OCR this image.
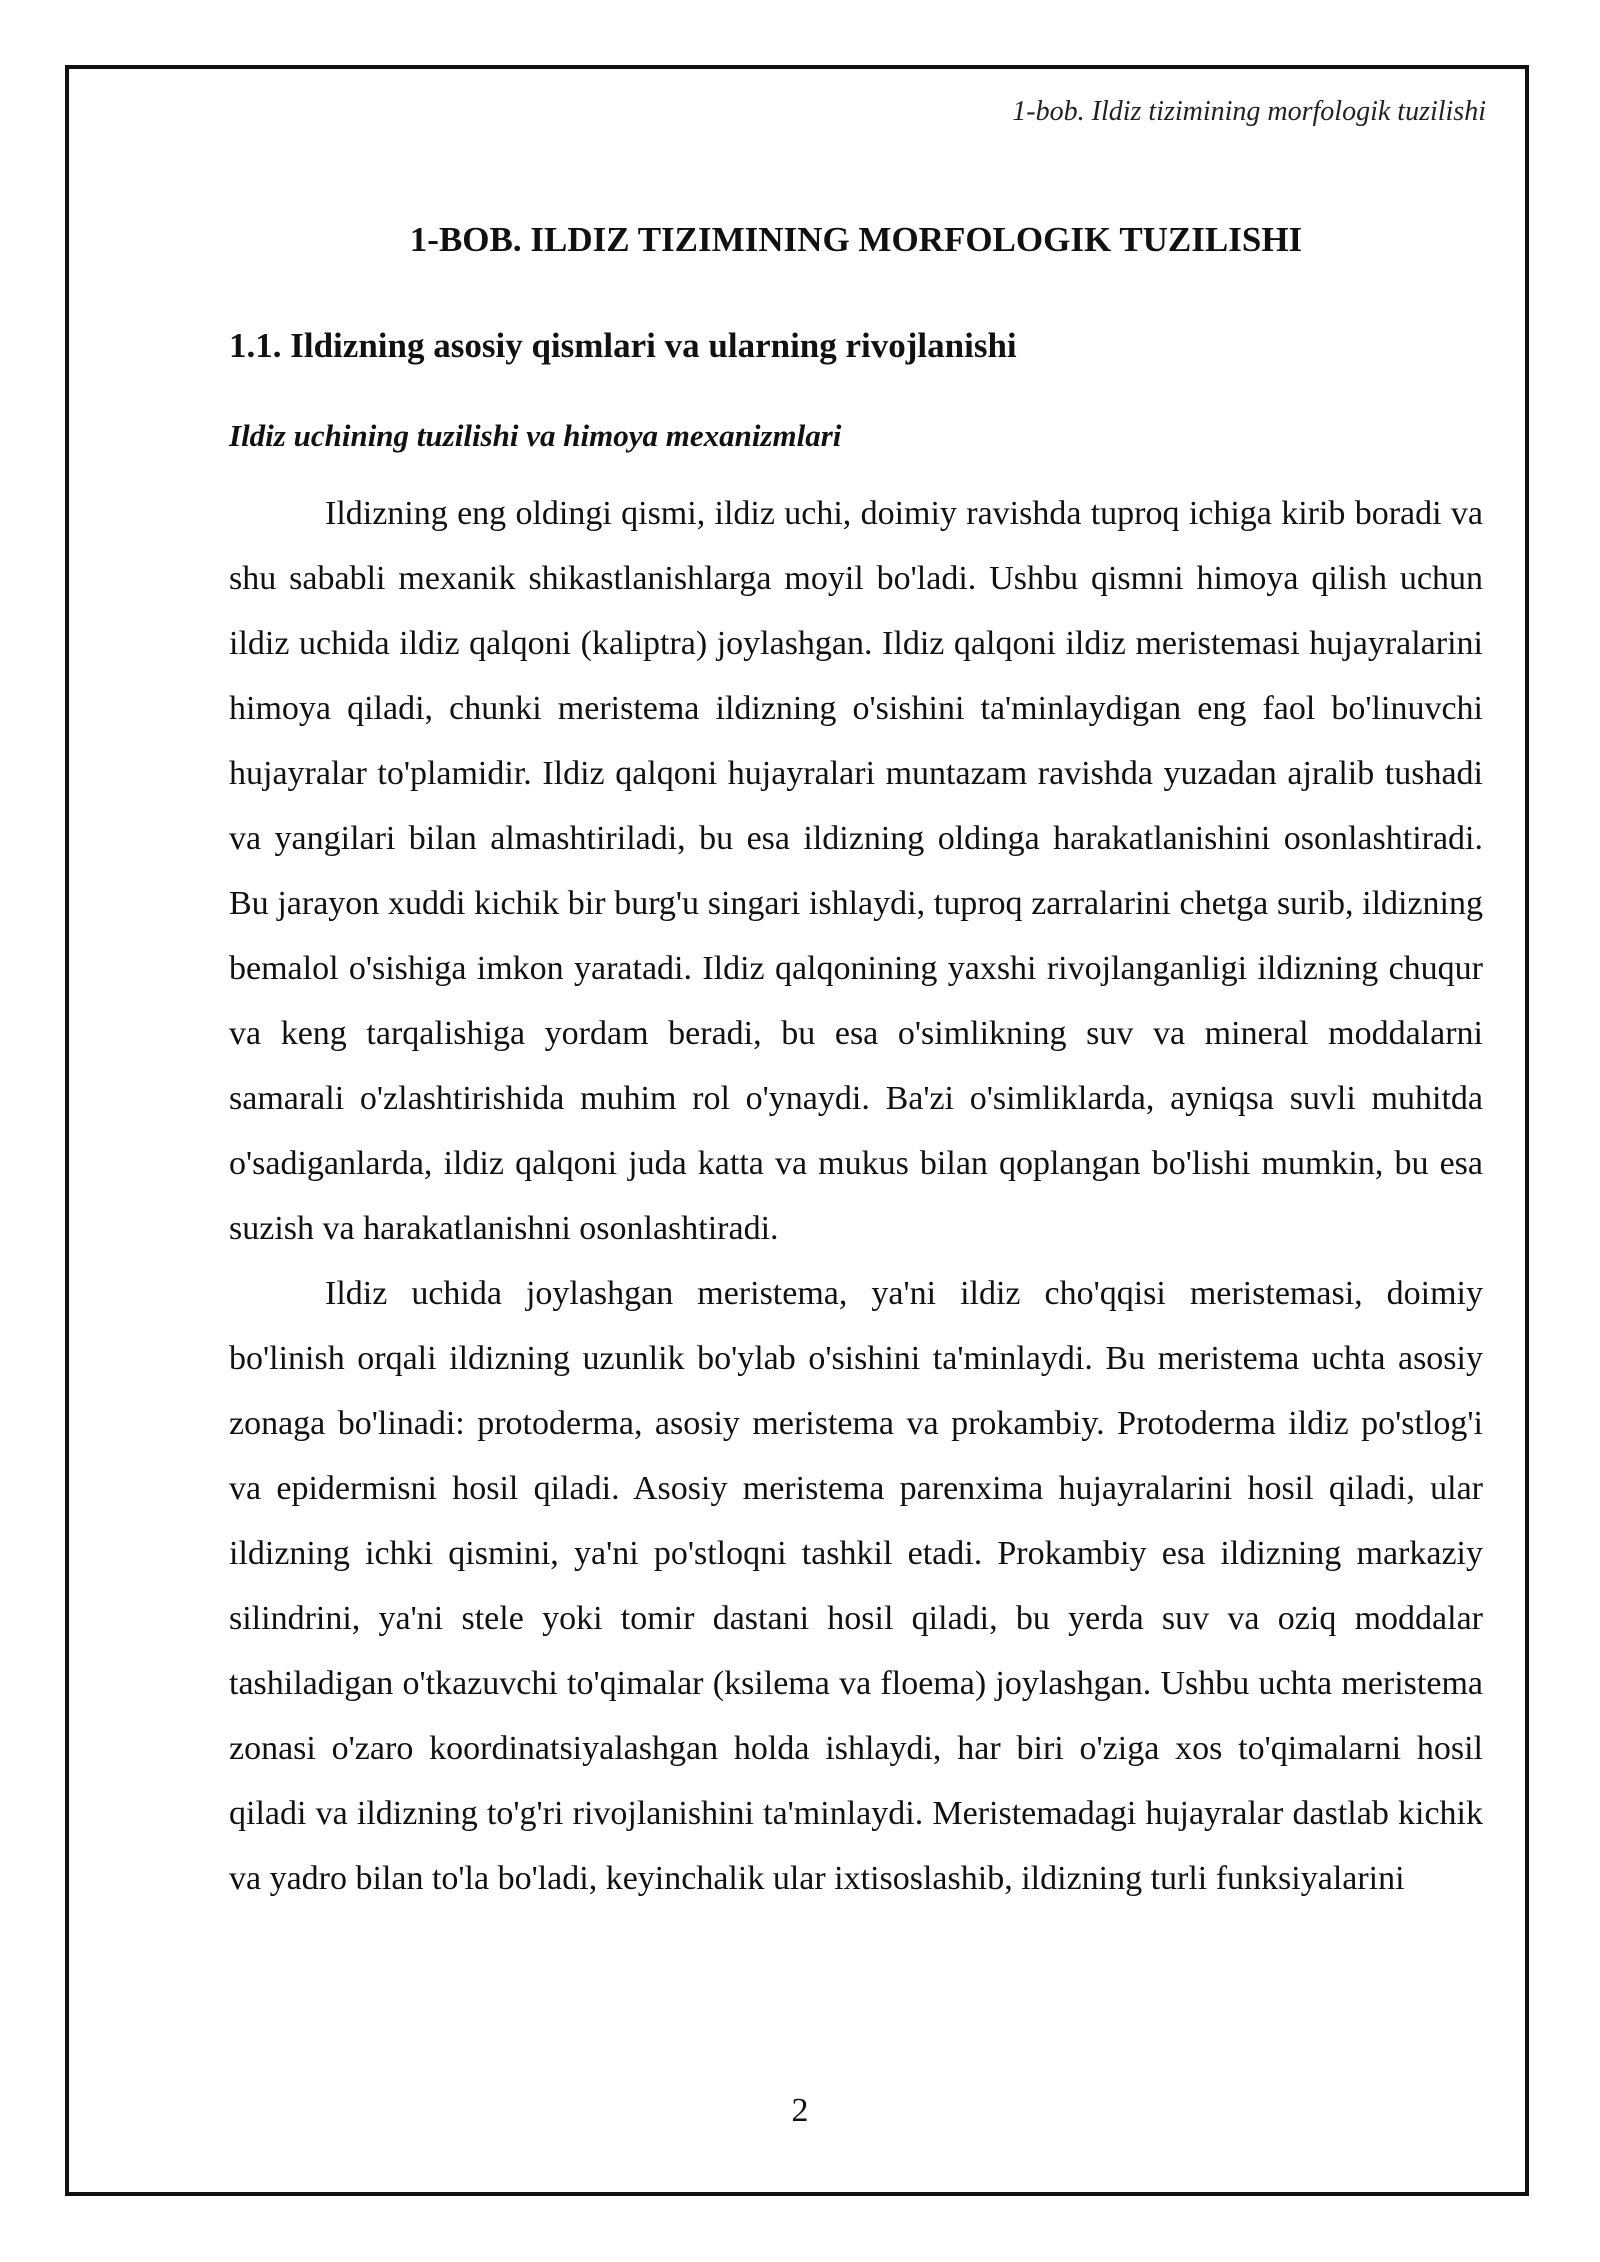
1-bob. Ildiz tizimining morfologik tuzilishi
1-BOB. ILDIZ TIZIMINING MORFOLOGIK TUZILISHI
1.1. Ildizning asosiy qismlari va ularning rivojlanishi
Ildiz uchining tuzilishi va himoya mexanizmlari

Ildizning eng oldingi qismi, ildiz uchi, doimiy ravishda tuproq ichiga kirib boradi va shu sababli mexanik shikastlanishlarga moyil bo'ladi. Ushbu qismni himoya qilish uchun ildiz uchida ildiz qalqoni (kaliptra) joylashgan. Ildiz qalqoni ildiz meristemasi hujayralarini himoya qiladi, chunki meristema ildizning o'sishini ta'minlaydigan eng faol bo'linuvchi hujayralar to'plamidir. Ildiz qalqoni hujayralari muntazam ravishda yuzadan ajralib tushadi va yangilari bilan almashtiriladi, bu esa ildizning oldinga harakatlanishini osonlashtiradi. Bu jarayon xuddi kichik bir burg'u singari ishlaydi, tuproq zarralarini chetga surib, ildizning bemalol o'sishiga imkon yaratadi. Ildiz qalqonining yaxshi rivojlanganligi ildizning chuqur va keng tarqalishiga yordam beradi, bu esa o'simlikning suv va mineral moddalarni samarali o'zlashtirishida muhim rol o'ynaydi. Ba'zi o'simliklarda, ayniqsa suvli muhitda o'sadiganlarda, ildiz qalqoni juda katta va mukus bilan qoplangan bo'lishi mumkin, bu esa suzish va harakatlanishni osonlashtiradi.

Ildiz uchida joylashgan meristema, ya'ni ildiz cho'qqisi meristemasi, doimiy bo'linish orqali ildizning uzunlik bo'ylab o'sishini ta'minlaydi. Bu meristema uchta asosiy zonaga bo'linadi: protoderma, asosiy meristema va prokambiy. Protoderma ildiz po'stlog'i va epidermisni hosil qiladi. Asosiy meristema parenxima hujayralarini hosil qiladi, ular ildizning ichki qismini, ya'ni po'stloqni tashkil etadi. Prokambiy esa ildizning markaziy silindrini, ya'ni stele yoki tomir dastani hosil qiladi, bu yerda suv va oziq moddalar tashiladigan o'tkazuvchi to'qimalar (ksilema va floema) joylashgan. Ushbu uchta meristema zonasi o'zaro koordinatsiyalashgan holda ishlaydi, har biri o'ziga xos to'qimalarni hosil qiladi va ildizning to'g'ri rivojlanishini ta'minlaydi. Meristemadagi hujayralar dastlab kichik va yadro bilan to'la bo'ladi, keyinchalik ular ixtisoslashib, ildizning turli funksiyalarini

2
